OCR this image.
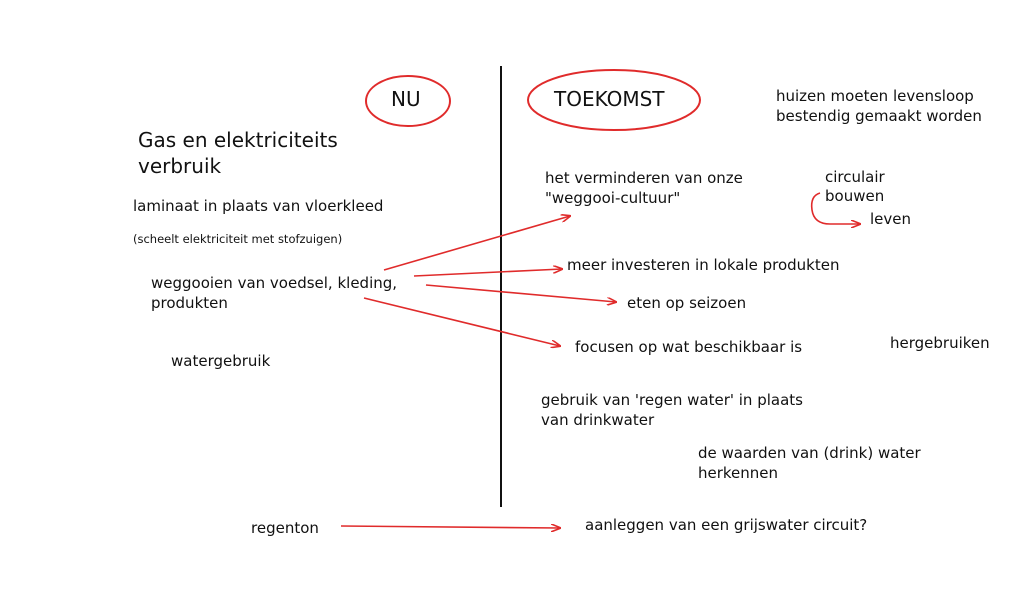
NU	TOEKOMST
Gas en elektriciteits
verbruik
laminaat in plaats van vloerkleed
(scheelt elektriciteit met stofzuigen)
weggooien van voedsel, kleding,
produkten
watergebruik
regenton
huizen moeten levensloop
bestendig gemaakt worden
het verminderen van onze
"weggooi-cultuur"
circulair
bouwen
leven
meer investeren in lokale produkten
eten op seizoen
focusen op wat beschikbaar is	hergebruiken
gebruik van 'regen water' in plaats
van drinkwater
de waarden van (drink) water
herkennen
aanleggen van een grijswater circuit?
